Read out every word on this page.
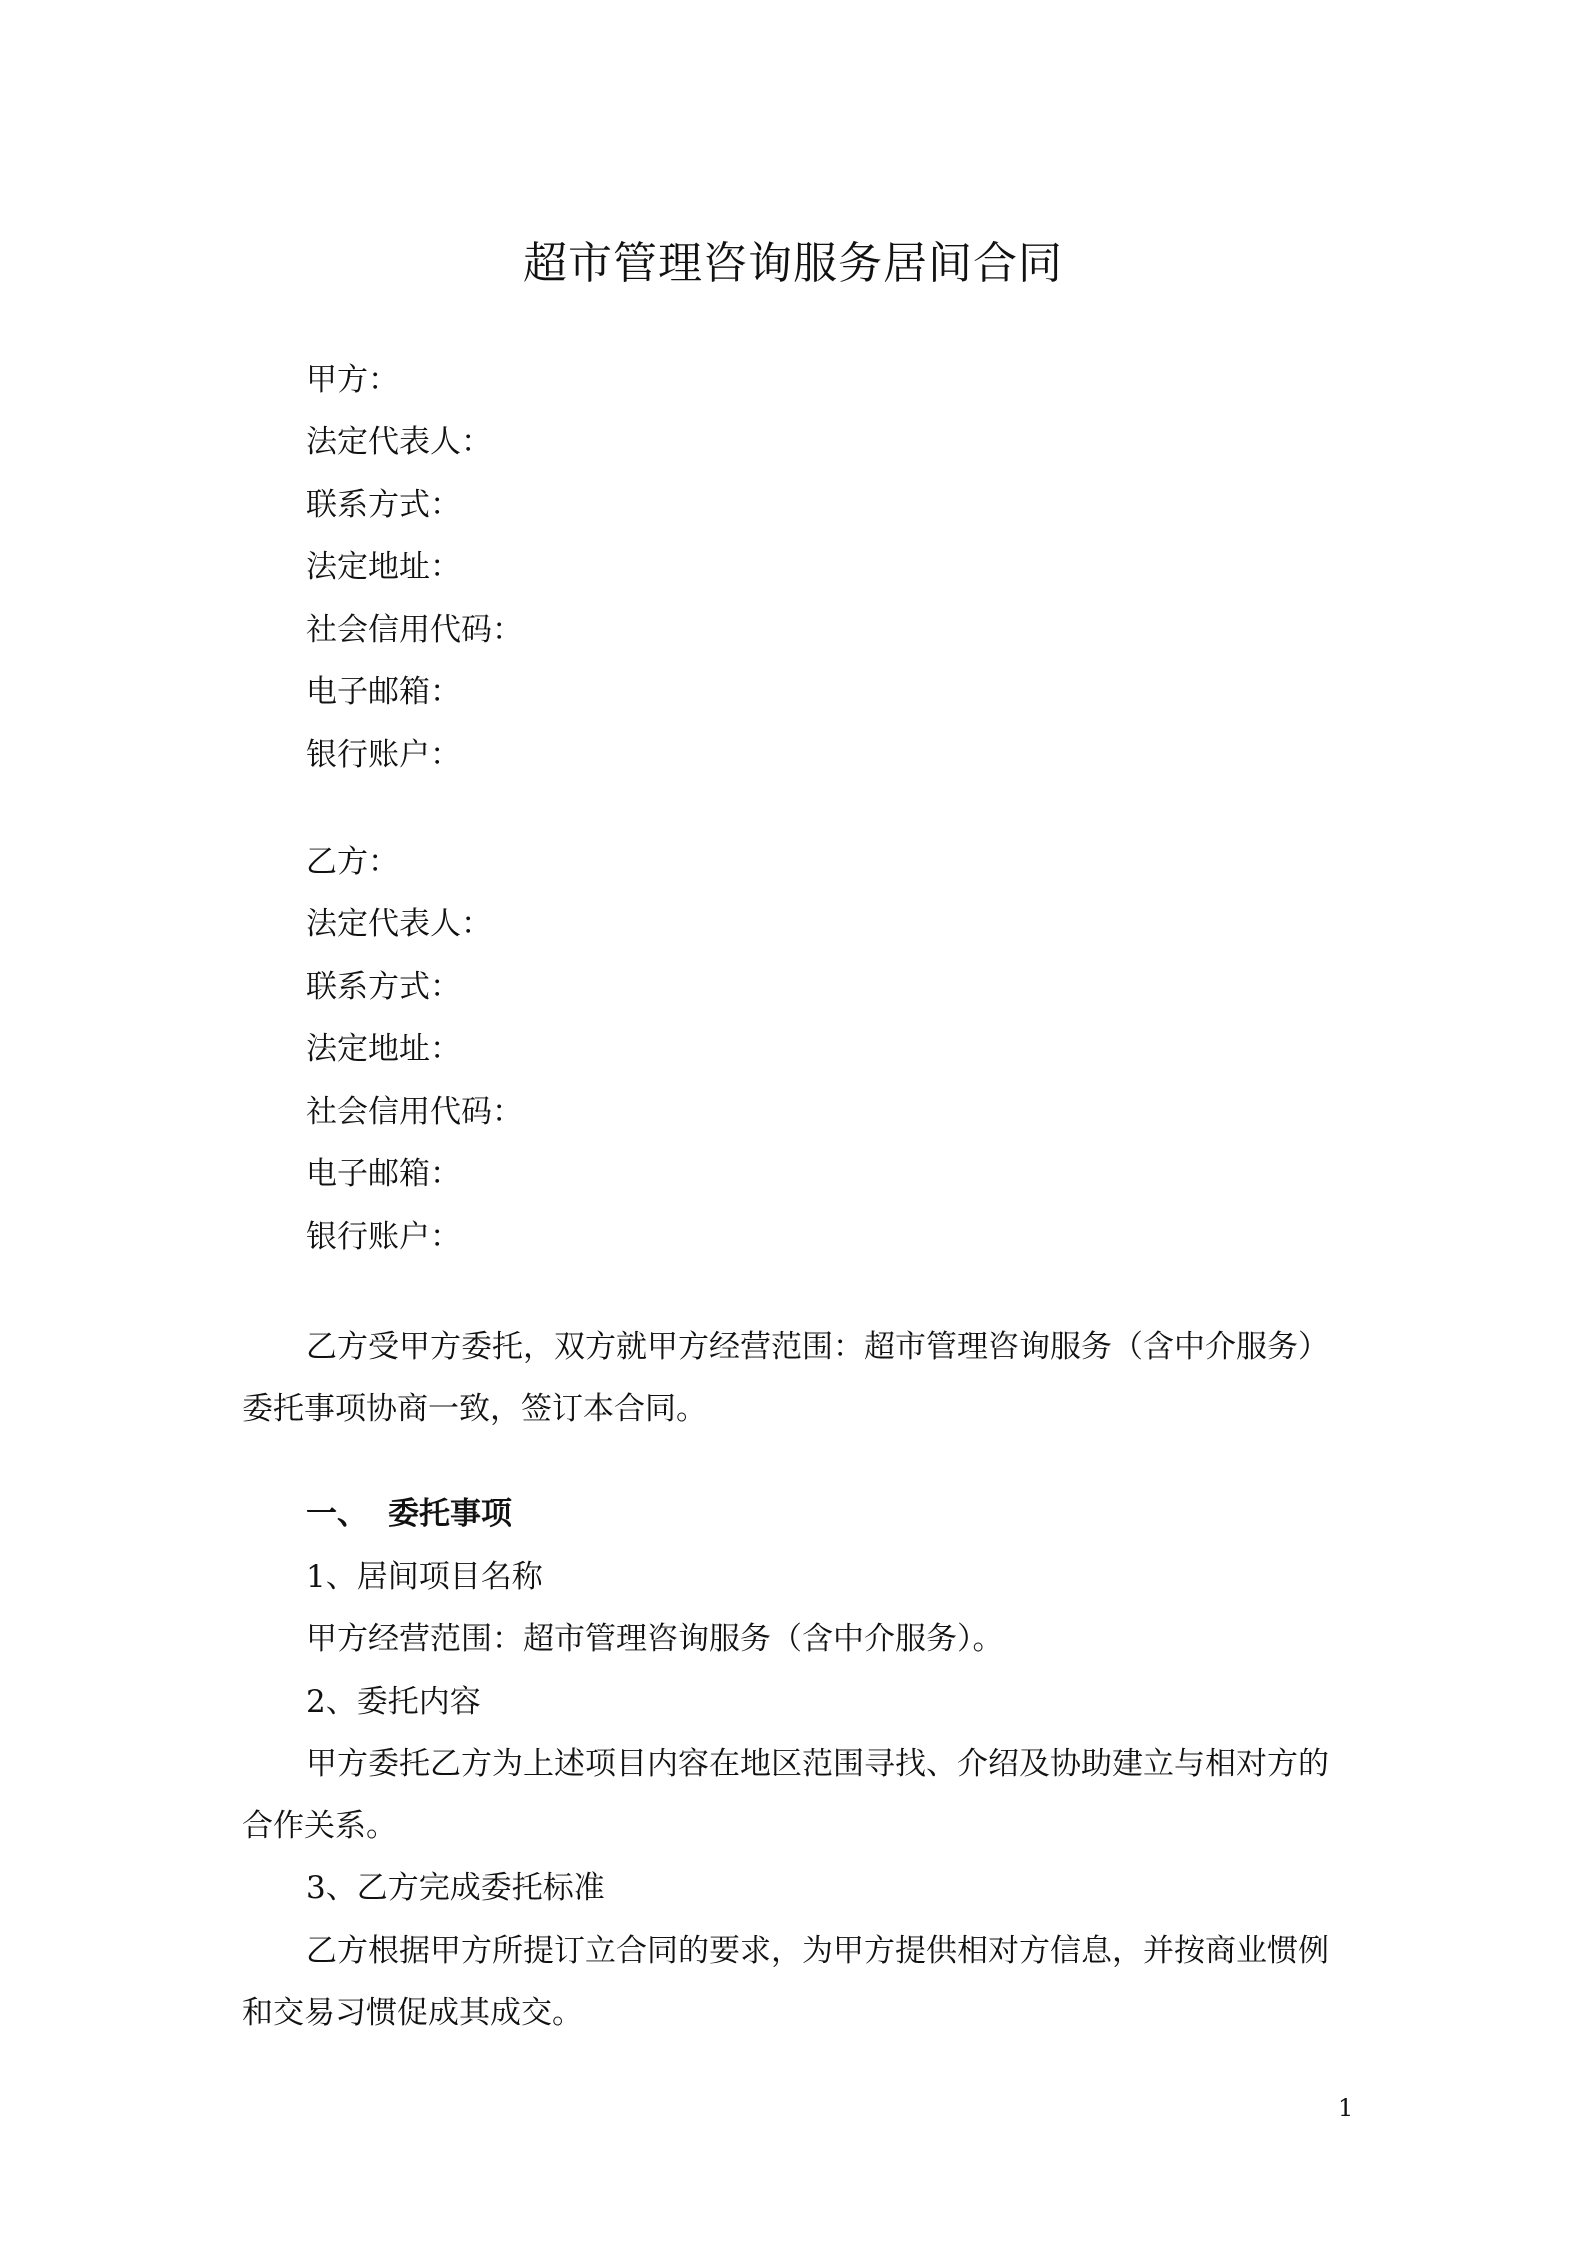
超市管理咨询服务居间合同
甲方：
法定代表人：
联系方式：
法定地址：
社会信用代码：
电子邮箱：
银行账户：
乙方：
法定代表人：
联系方式：
法定地址：
社会信用代码：
电子邮箱：
银行账户：
乙方受甲方委托，双方就甲方经营范围：超市管理咨询服务（含中介服务）委托事项协商一致，签订本合同。
一、 委托事项
1、居间项目名称
甲方经营范围：超市管理咨询服务（含中介服务）。
2、委托内容
甲方委托乙方为上述项目内容在地区范围寻找、介绍及协助建立与相对方的合作关系。
3、乙方完成委托标准
乙方根据甲方所提订立合同的要求，为甲方提供相对方信息，并按商业惯例和交易习惯促成其成交。
1
